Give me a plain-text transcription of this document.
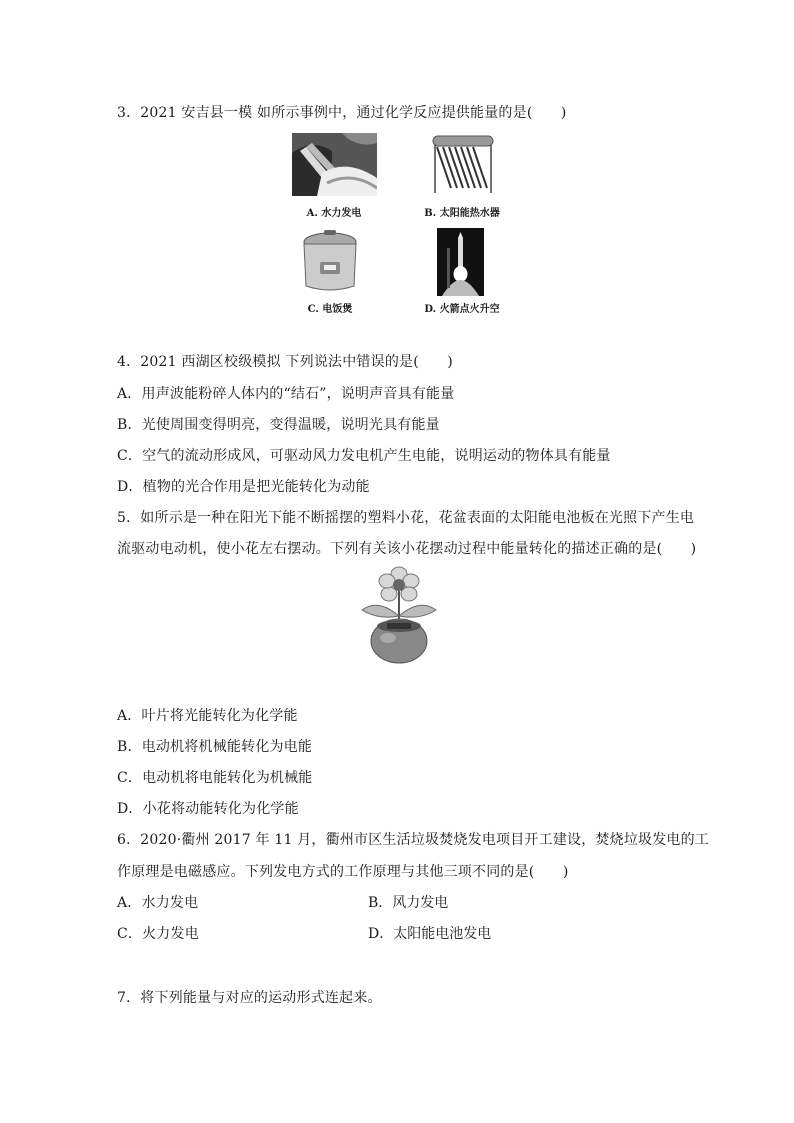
3．2021 安吉县一模 如所示事例中，通过化学反应提供能量的是(　　)
A. 水力发电	B. 太阳能热水器
C. 电饭煲	D. 火箭点火升空
4．2021 西湖区校级模拟 下列说法中错误的是(　　)
A．用声波能粉碎人体内的“结石”，说明声音具有能量
B．光使周围变得明亮，变得温暖，说明光具有能量
C．空气的流动形成风，可驱动风力发电机产生电能，说明运动的物体具有能量
D．植物的光合作用是把光能转化为动能
5．如所示是一种在阳光下能不断摇摆的塑料小花，花盆表面的太阳能电池板在光照下产生电
流驱动电动机，使小花左右摆动。下列有关该小花摆动过程中能量转化的描述正确的是(　　)
A．叶片将光能转化为化学能
B．电动机将机械能转化为电能
C．电动机将电能转化为机械能
D．小花将动能转化为化学能
6．2020·衢州 2017 年 11 月，衢州市区生活垃圾焚烧发电项目开工建设，焚烧垃圾发电的工
作原理是电磁感应。下列发电方式的工作原理与其他三项不同的是(　　)
A．水力发电	B．风力发电
C．火力发电	D．太阳能电池发电
7．将下列能量与对应的运动形式连起来。
